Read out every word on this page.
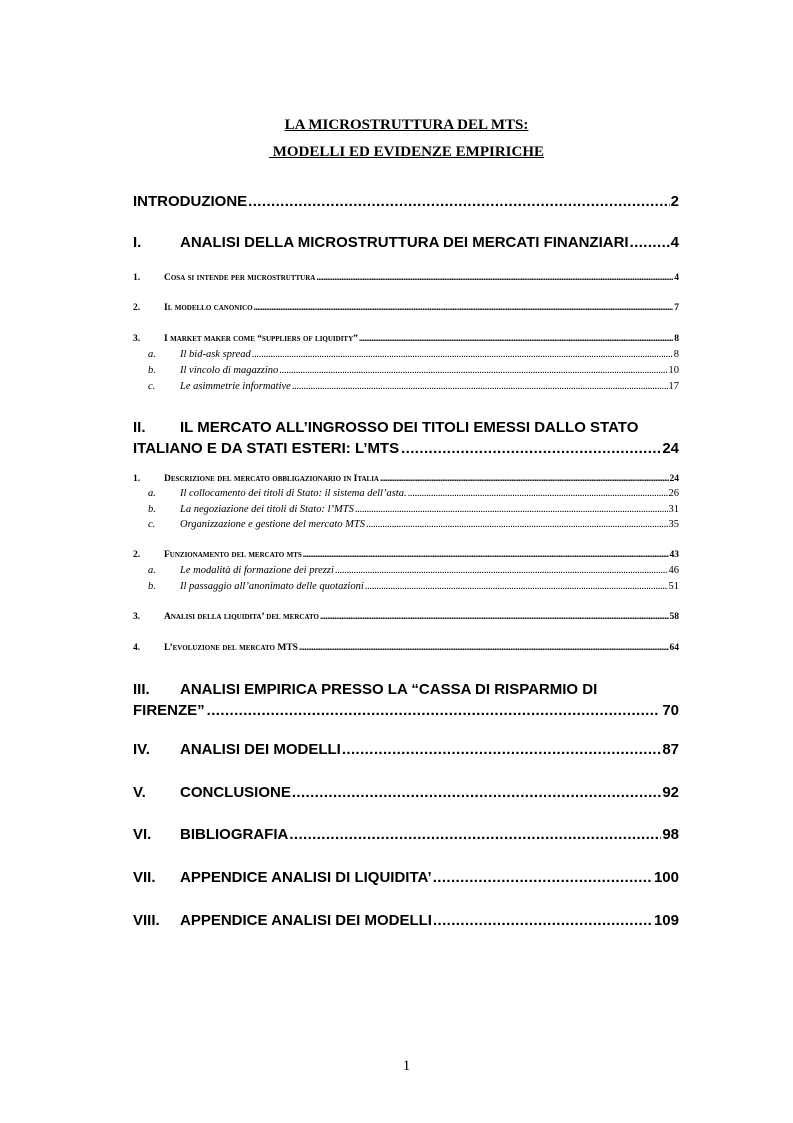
LA MICROSTRUTTURA DEL MTS:
MODELLI ED EVIDENZE EMPIRICHE
INTRODUZIONE .....	2
I.	ANALISI DELLA MICROSTRUTTURA DEI MERCATI FINANZIARI .....	4
1.	Cosa si intende per microstruttura .....	4
2.	Il modello canonico .....	7
3.	I market maker come “suppliers of liquidity” .....	8
a.	Il bid-ask spread .....	8
b.	Il vincolo di magazzino .....	10
c.	Le asimmetrie informative .....	17
II. IL MERCATO ALL’INGROSSO DEI TITOLI EMESSI DALLO STATO
ITALIANO E DA STATI ESTERI: L’MTS .....	24
1.	Descrizione del mercato obbligazionario in Italia .....	24
a.	Il collocamento dei titoli di Stato: il sistema dell’asta. .....	26
b.	La negoziazione dei titoli di Stato: l’MTS .....	31
c.	Organizzazione e gestione del mercato MTS .....	35
2.	Funzionamento del mercato mts .....	43
a.	Le modalità di formazione dei prezzi .....	46
b.	Il passaggio all’anonimato delle quotazioni .....	51
3.	Analisi della liquidita’ del mercato .....	58
4.	L’evoluzione del mercato MTS .....	64
III. ANALISI EMPIRICA PRESSO LA “CASSA DI RISPARMIO DI
FIRENZE” .....	70
IV.	ANALISI DEI MODELLI .....	87
V.	CONCLUSIONE .....	92
VI.	BIBLIOGRAFIA .....	98
VII.	APPENDICE ANALISI DI LIQUIDITA’ .....	100
VIII.	APPENDICE ANALISI DEI MODELLI .....	109
1
